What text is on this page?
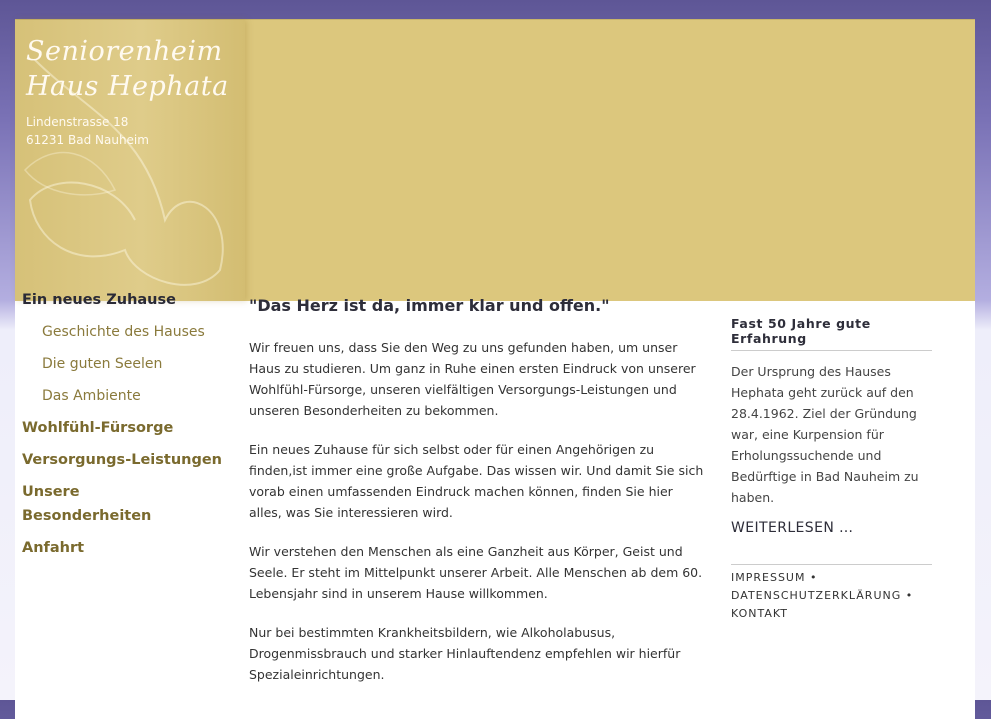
Seniorenheim
Haus Hephata
Lindenstrasse 18
61231 Bad Nauheim
Ein neues Zuhause
Geschichte des Hauses
Die guten Seelen
Das Ambiente
Wohlfühl-Fürsorge
Versorgungs-Leistungen
Unsere Besonderheiten
Anfahrt
"Das Herz ist da, immer klar und offen."

Wir freuen uns, dass Sie den Weg zu uns gefunden haben, um unser Haus zu studieren. Um ganz in Ruhe einen ersten Eindruck von unserer Wohlfühl-Fürsorge, unseren vielfältigen Versorgungs-Leistungen und unseren Besonderheiten zu bekommen.

Ein neues Zuhause für sich selbst oder für einen Angehörigen zu finden,ist immer eine große Aufgabe. Das wissen wir. Und damit Sie sich vorab einen umfassenden Eindruck machen können, finden Sie hier alles, was Sie interessieren wird.

Wir verstehen den Menschen als eine Ganzheit aus Körper, Geist und Seele. Er steht im Mittelpunkt unserer Arbeit. Alle Menschen ab dem 60. Lebensjahr sind in unserem Hause willkommen.

Nur bei bestimmten Krankheitsbildern, wie Alkoholabusus, Drogenmissbrauch und starker Hinlauftendenz empfehlen wir hierfür Spezialeinrichtungen.

Fast 50 Jahre gute Erfahrung

Der Ursprung des Hauses Hephata geht zurück auf den 28.4.1962. Ziel der Gründung war, eine Kurpension für Erholungssuchende und Bedürftige in Bad Nauheim zu haben.

WEITERLESEN …
IMPRESSUM •
DATENSCHUTZERKLÄRUNG •
KONTAKT
